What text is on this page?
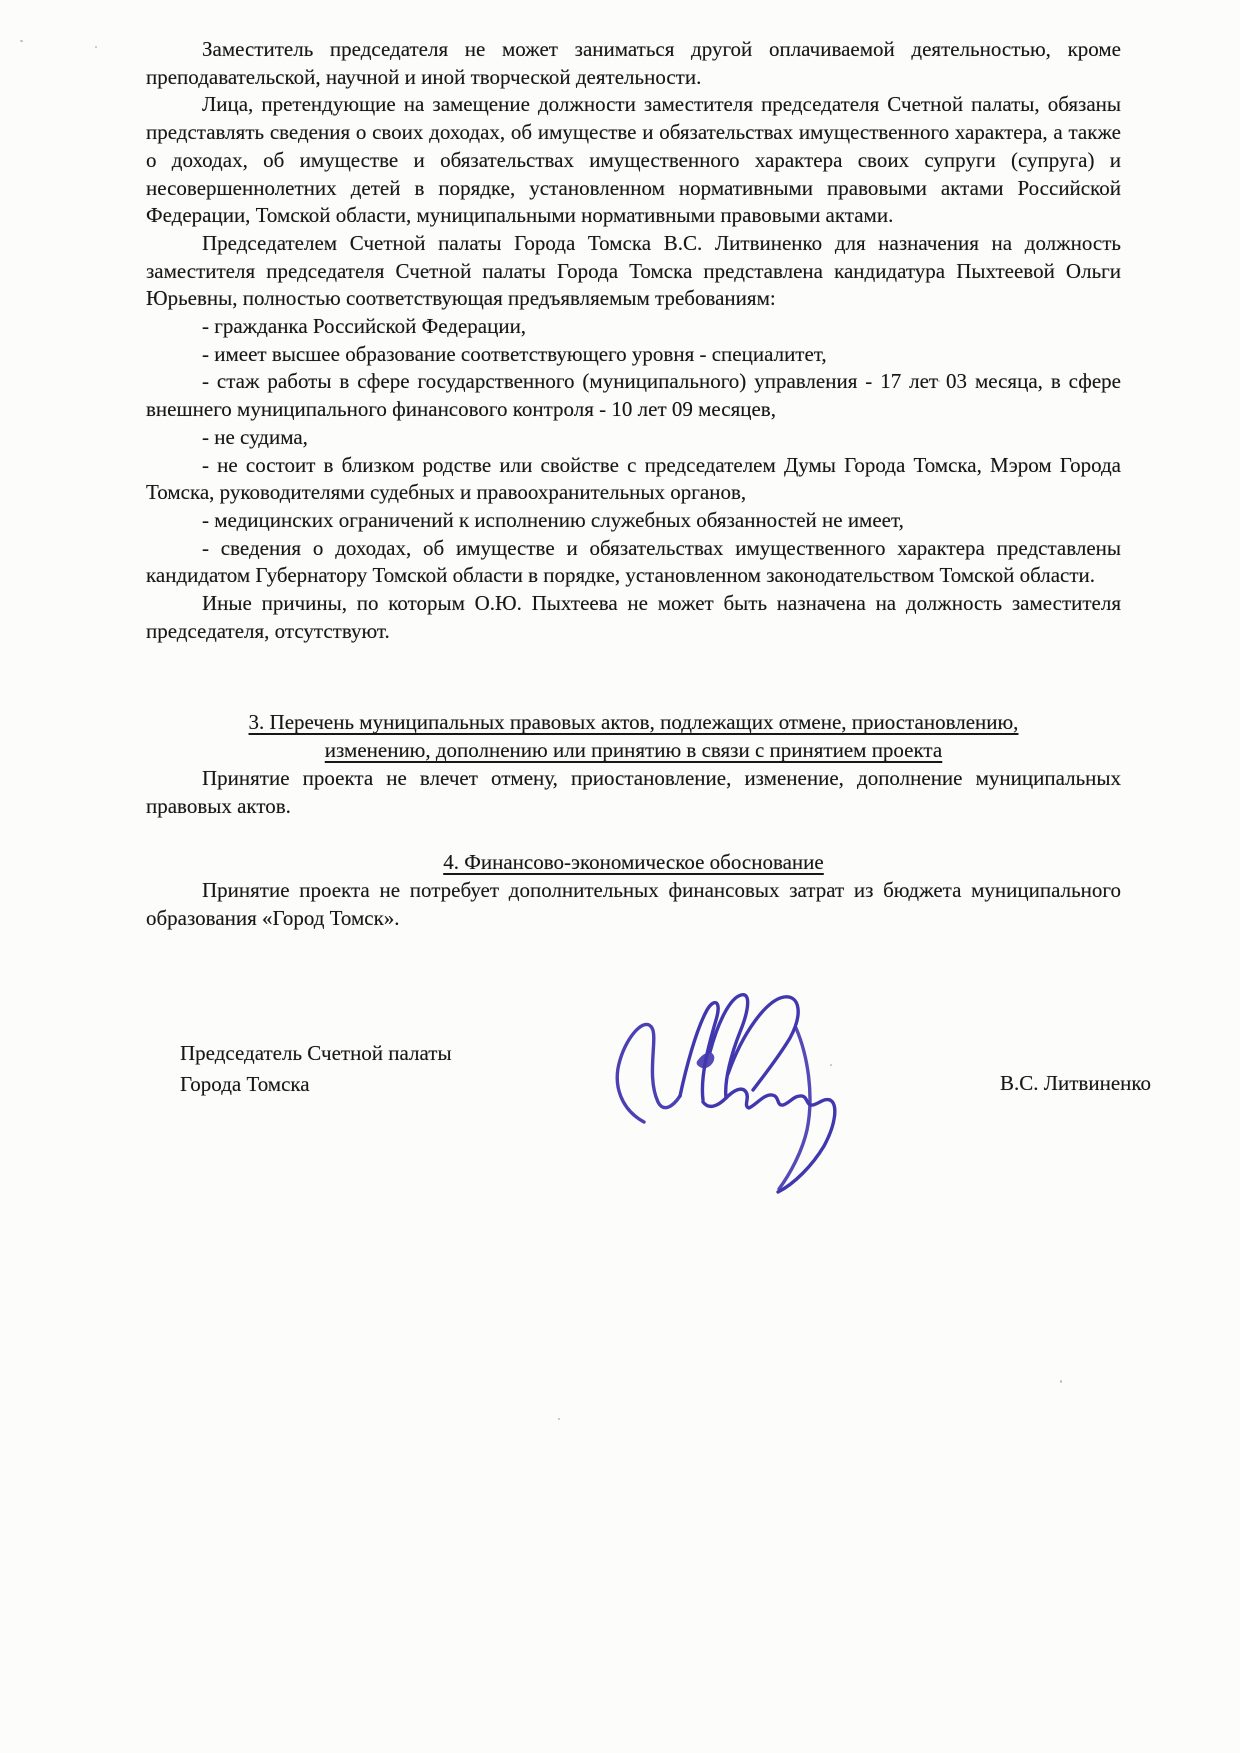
Заместитель председателя не может заниматься другой оплачиваемой деятельностью, кроме преподавательской, научной и иной творческой деятельности.

Лица, претендующие на замещение должности заместителя председателя Счетной палаты, обязаны представлять сведения о своих доходах, об имуществе и обязательствах имущественного характера, а также о доходах, об имуществе и обязательствах имущественного характера своих супруги (супруга) и несовершеннолетних детей в порядке, установленном нормативными правовыми актами Российской Федерации, Томской области, муниципальными нормативными правовыми актами.

Председателем Счетной палаты Города Томска В.С. Литвиненко для назначения на должность заместителя председателя Счетной палаты Города Томска представлена кандидатура Пыхтеевой Ольги Юрьевны, полностью соответствующая предъявляемым требованиям:

- гражданка Российской Федерации,

- имеет высшее образование соответствующего уровня - специалитет,

- стаж работы в сфере государственного (муниципального) управления - 17 лет 03 месяца, в сфере внешнего муниципального финансового контроля - 10 лет 09 месяцев,

- не судима,

- не состоит в близком родстве или свойстве с председателем Думы Города Томска, Мэром Города Томска, руководителями судебных и правоохранительных органов,

- медицинских ограничений к исполнению служебных обязанностей не имеет,

- сведения о доходах, об имуществе и обязательствах имущественного характера представлены кандидатом Губернатору Томской области в порядке, установленном законодательством Томской области.

Иные причины, по которым О.Ю. Пыхтеева не может быть назначена на должность заместителя председателя, отсутствуют.

3. Перечень муниципальных правовых актов, подлежащих отмене, приостановлению, изменению, дополнению или принятию в связи с принятием проекта

Принятие проекта не влечет отмену, приостановление, изменение, дополнение муниципальных правовых актов.

4. Финансово-экономическое обоснование

Принятие проекта не потребует дополнительных финансовых затрат из бюджета муниципального образования «Город Томск».

Председатель Счетной палаты
Города Томска	В.С. Литвиненко
